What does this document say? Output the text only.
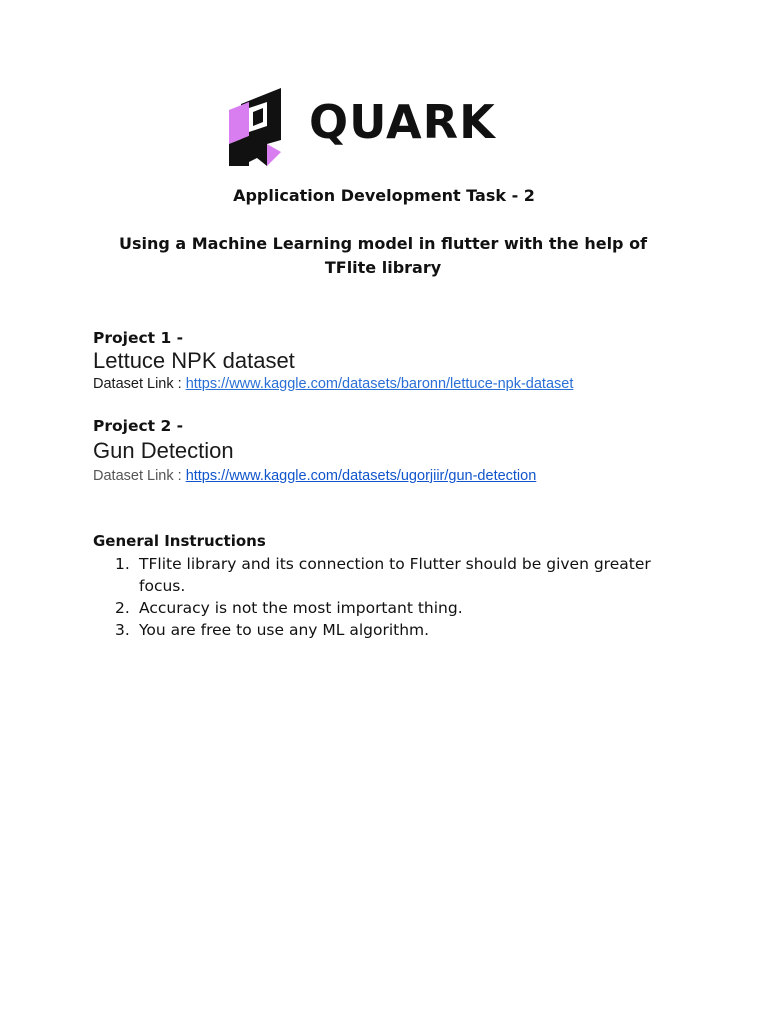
QUARK
Application Development Task - 2
Using a Machine Learning model in flutter with the help of TFlite library

Project 1 -

Lettuce NPK dataset

Dataset Link : https://www.kaggle.com/datasets/baronn/lettuce-npk-dataset

Project 2 -

Gun Detection

Dataset Link : https://www.kaggle.com/datasets/ugorjiir/gun-detection

General Instructions

1. TFlite library and its connection to Flutter should be given greater focus.
2. Accuracy is not the most important thing.
3. You are free to use any ML algorithm.
